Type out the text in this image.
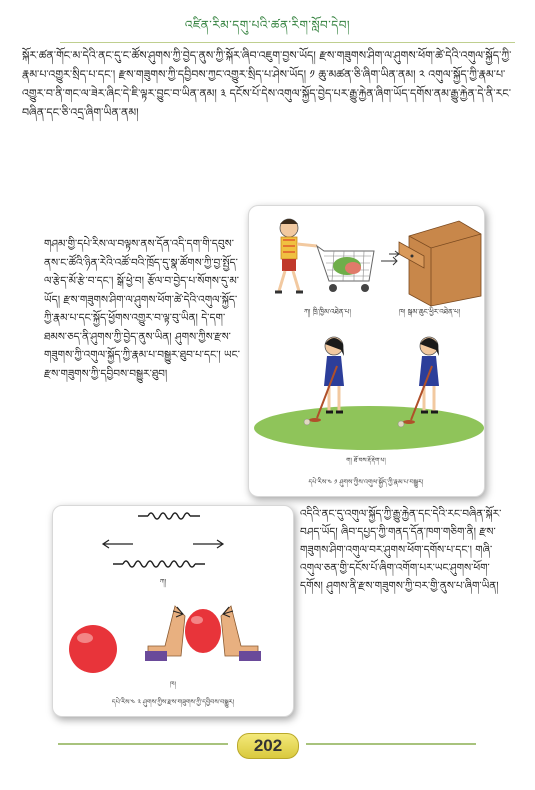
འཛིན་རིམ་དགུ་པའི་ཚན་རིག་སློབ་དེབ།

སྐོར་ཚན་གོང་མ་དེའི་ནང་དུ་ང་ཚོས་ཤུགས་ཀྱི་བྱེད་ནུས་ཀྱི་སྐོར་ཞིབ་འཇུག་བྱས་ཡོད། རྫས་གཟུགས་ཤིག་ལ་ཤུགས་ཕོག་ཚེ་དེའི་འགུལ་སྐྱོད་ཀྱི་རྣམ་པ་འགྱུར་སྲིད་པ་དང་། རྫས་གཟུགས་ཀྱི་དབྱིབས་ཀྱང་འགྱུར་སྲིད་པ་ཤེས་ཡོད། ༡ ཆུ་མཚན་ཅི་ཞིག་ཡིན་ནམ། ༢ འགུལ་སྐྱོད་ཀྱི་རྣམ་པ་འགྱུར་བ་ནི་གང་ལ་ཟེར་ཞིང་དེ་ཇི་ལྟར་བྱུང་བ་ཡིན་ནམ། ༣ དངོས་པོ་དེས་འགུལ་སྐྱོད་བྱེད་པར་རྒྱུ་རྐྱེན་ཞིག་ཡོད་དགོས་ནམ་རྒྱུ་རྐྱེན་དེ་ནི་རང་བཞིན་དང་ཅི་འདྲ་ཞིག་ཡིན་ནམ།

གཤམ་གྱི་དཔེ་རིས་ལ་བལྟས་ནས་དོན་འདི་དག་གི་དབུས་ནས་ང་ཚོའི་ཉིན་རེའི་འཚོ་བའི་ཁྲོད་དུ་སྣ་ཚོགས་ཀྱི་བྱ་སྤྱོད་ལ་རྩེད་མོ་རྩེ་བ་དང་། སྒོ་ཕྱེ་བ། རྩོལ་བ་བྱེད་པ་སོགས་དུ་མ་ཡོད། རྫས་གཟུགས་ཤིག་ལ་ཤུགས་ཕོག་ཚེ་དེའི་འགུལ་སྐྱོད་ཀྱི་རྣམ་པ་དང་སྐྱོད་ཕྱོགས་འགྱུར་བ་ལྟ་བུ་ཡིན། དེ་དག་ཐམས་ཅད་ནི་ཤུགས་ཀྱི་བྱེད་ནུས་ཡིན། ཤུགས་ཀྱིས་རྫས་གཟུགས་ཀྱི་འགུལ་སྐྱོད་ཀྱི་རྣམ་པ་བསྒྱུར་ཐུབ་པ་དང་། ཡང་རྫས་གཟུགས་ཀྱི་དབྱིབས་བསྒྱུར་ཐུབ།

ཀ། ཁྲི་ཁྱིམ་འཐེན་པ།	ཁ། སྒམ་ཆུང་ཕྱིར་འཐེན་པ།
ག། ཐོ་བས་རྡོ་རྡེག་པ།
དཔེ་རིས་༤ ༡ ཤུགས་ཀྱིས་འགུལ་སྐྱོད་ཀྱི་རྣམ་པ་བསྒྱུར།
ཀ།
ཁ།
དཔེ་རིས་༤ ༢ ཤུགས་ཀྱིས་རྫས་གཟུགས་ཀྱི་དབྱིབས་བསྒྱུར།

འདིའི་ནང་དུ་འགུལ་སྐྱོད་ཀྱི་རྒྱུ་རྐྱེན་དང་དེའི་རང་བཞིན་སྐོར་བཤད་ཡོད། ཞིབ་དཔྱད་ཀྱི་གནད་དོན་ཁག་གཅིག་ནི། རྫས་གཟུགས་ཤིག་འགུལ་བར་ཤུགས་ཕོག་དགོས་པ་དང་། གཞི་འགུལ་ཅན་གྱི་དངོས་པོ་ཞིག་འགོག་པར་ཡང་ཤུགས་ཕོག་དགོས། ཤུགས་ནི་རྫས་གཟུགས་ཀྱི་བར་གྱི་ནུས་པ་ཞིག་ཡིན།

202
